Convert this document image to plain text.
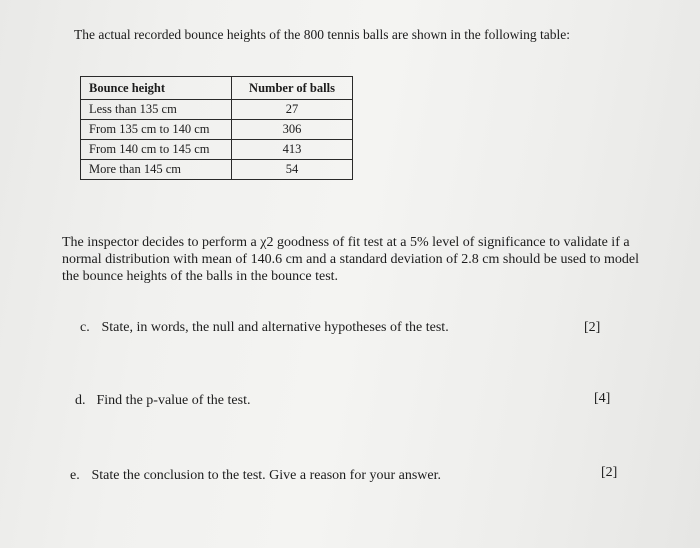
The actual recorded bounce heights of the 800 tennis balls are shown in the following table:
Bounce height	Number of balls
Less than 135 cm	27
From 135 cm to 140 cm	306
From 140 cm to 145 cm	413
More than 145 cm	54
The inspector decides to perform a χ2 goodness of fit test at a 5% level of significance to validate if a normal distribution with mean of 140.6 cm and a standard deviation of 2.8 cm should be used to model the bounce heights of the balls in the bounce test.
c. State, in words, the null and alternative hypotheses of the test.	[2]
d. Find the p-value of the test.	[4]
e. State the conclusion to the test. Give a reason for your answer.	[2]
